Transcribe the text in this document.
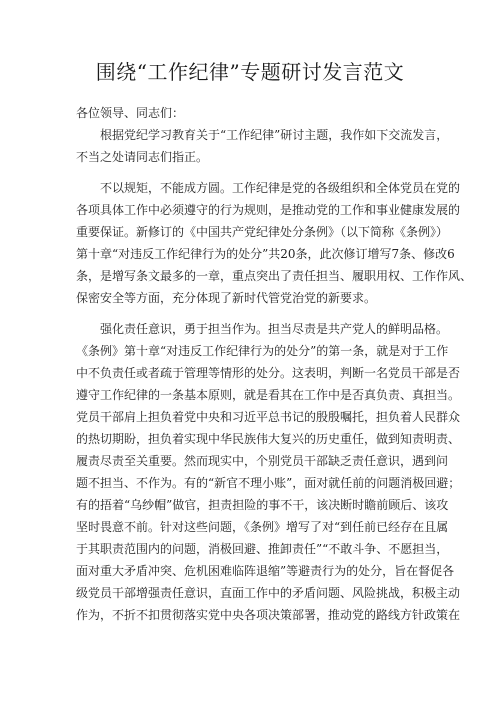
围绕“工作纪律”专题研讨发言范文
各位领导、同志们：
根据党纪学习教育关于“工作纪律”研讨主题，我作如下交流发言，
不当之处请同志们指正。
不以规矩，不能成方圆。工作纪律是党的各级组织和全体党员在党的
各项具体工作中必须遵守的行为规则，是推动党的工作和事业健康发展的
重要保证。新修订的《中国共产党纪律处分条例》（以下简称《条例》）
第十章“对违反工作纪律行为的处分”共20条，此次修订增写7条、修改6
条，是增写条文最多的一章，重点突出了责任担当、履职用权、工作作风、
保密安全等方面，充分体现了新时代管党治党的新要求。
强化责任意识，勇于担当作为。担当尽责是共产党人的鲜明品格。
《条例》第十章“对违反工作纪律行为的处分”的第一条，就是对于工作
中不负责任或者疏于管理等情形的处分。这表明，判断一名党员干部是否
遵守工作纪律的一条基本原则，就是看其在工作中是否真负责、真担当。
党员干部肩上担负着党中央和习近平总书记的殷殷嘱托，担负着人民群众
的热切期盼，担负着实现中华民族伟大复兴的历史重任，做到知责明责、
履责尽责至关重要。然而现实中，个别党员干部缺乏责任意识，遇到问
题不担当、不作为。有的“新官不理小账”，面对就任前的问题消极回避；
有的捂着“乌纱帽”做官，担责担险的事不干，该决断时瞻前顾后、该攻
坚时畏意不前。针对这些问题，《条例》增写了对“到任前已经存在且属
于其职责范围内的问题，消极回避、推卸责任”“不敢斗争、不愿担当，
面对重大矛盾冲突、危机困难临阵退缩”等避责行为的处分，旨在督促各
级党员干部增强责任意识，直面工作中的矛盾问题、风险挑战，积极主动
作为，不折不扣贯彻落实党中央各项决策部署，推动党的路线方针政策在
